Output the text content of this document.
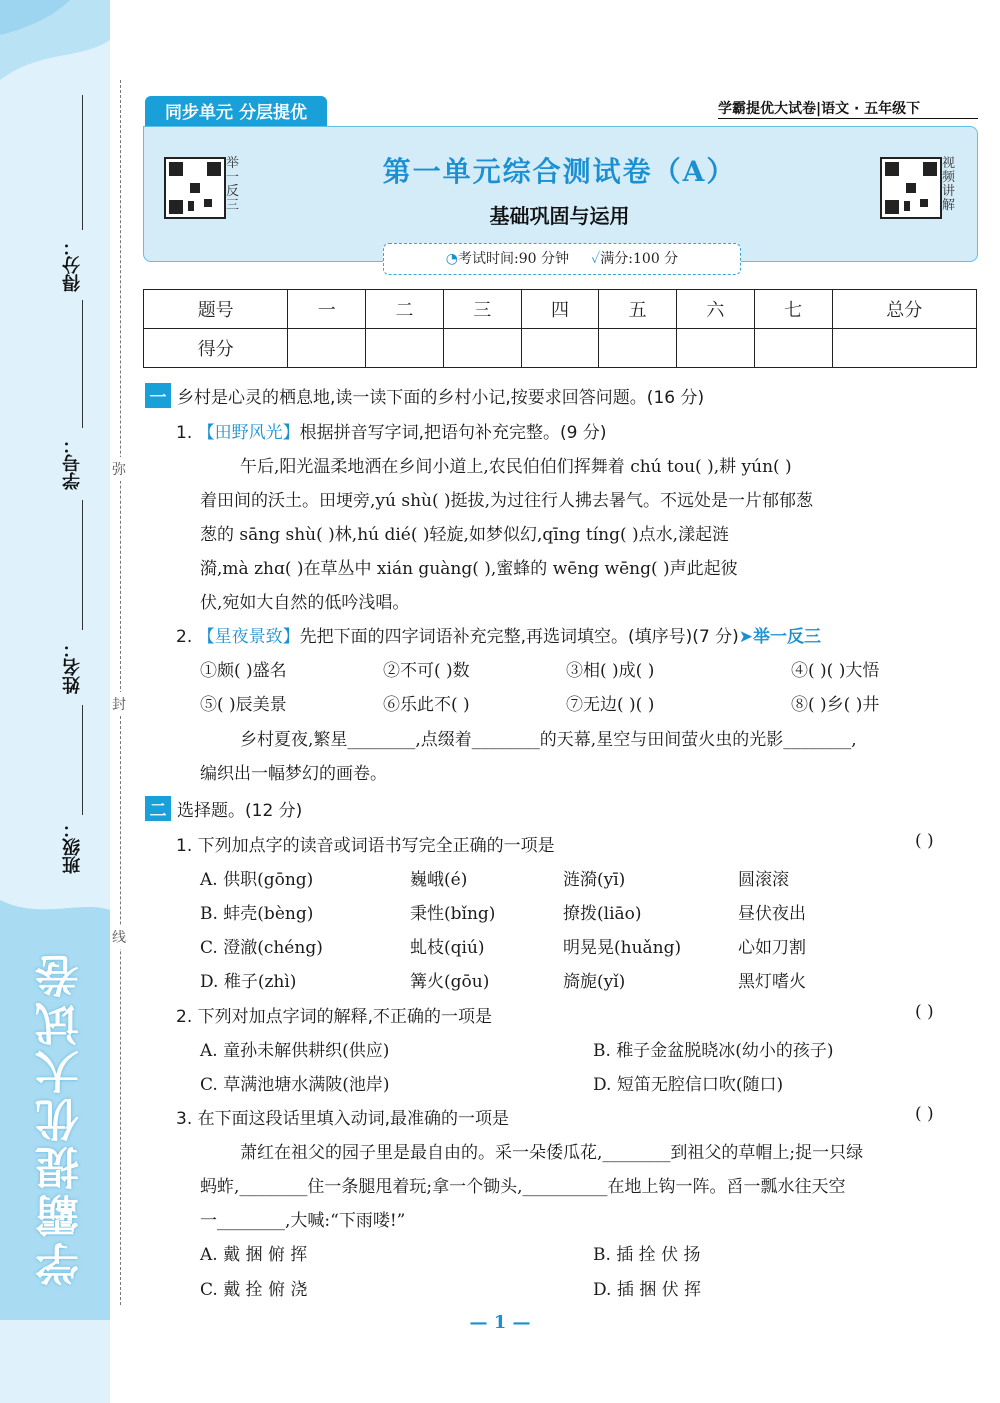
得分：
学号：
姓名：
班级：
学霸提优大试卷
弥
封
线
同步单元 分层提优	学霸提优大试卷|语文 · 五年级下
举一反三
视频讲解
第一单元综合测试卷（A）
基础巩固与运用
◔考试时间:90 分钟 ✓满分:100 分
题号	一	二	三	四	五	六	七	总分
得分								
一 乡村是心灵的栖息地,读一读下面的乡村小记,按要求回答问题。(16 分)
1. 【田野风光】根据拼音写字词,把语句补充完整。(9 分)
午后,阳光温柔地洒在乡间小道上,农民伯伯们挥舞着 chú tou( ),耕 yún( )
着田间的沃土。田埂旁,yú shù( )挺拔,为过往行人拂去暑气。不远处是一片郁郁葱
葱的 sāng shù( )林,hú dié( )轻旋,如梦似幻,qīng tíng( )点水,漾起涟
漪,mà zhɑ( )在草丛中 xián guàng( ),蜜蜂的 wēng wēng( )声此起彼
伏,宛如大自然的低吟浅唱。
2. 【星夜景致】先把下面的四字词语补充完整,再选词填空。(填序号)(7 分)➤举一反三
①颇( )盛名	②不可( )数	③相( )成( )	④( )( )大悟
⑤( )辰美景	⑥乐此不( )	⑦无边( )( )	⑧( )乡( )井
乡村夏夜,繁星________,点缀着________的天幕,星空与田间萤火虫的光影________,
编织出一幅梦幻的画卷。
二 选择题。(12 分)
1. 下列加点字的读音或词语书写完全正确的一项是	( )
A. 供职(gōng)	巍峨(é)	涟漪(yī)	圆滚滚
B. 蚌壳(bèng)	秉性(bǐng)	撩拨(liāo)	昼伏夜出
C. 澄澈(chéng)	虬枝(qiú)	明晃晃(huǎng)	心如刀割
D. 稚子(zhì)	篝火(gōu)	旖旎(yǐ)	黑灯嗜火
2. 下列对加点字词的解释,不正确的一项是	( )
A. 童孙未解供耕织(供应)	B. 稚子金盆脱晓冰(幼小的孩子)
C. 草满池塘水满陂(池岸)	D. 短笛无腔信口吹(随口)
3. 在下面这段话里填入动词,最准确的一项是	( )
萧红在祖父的园子里是最自由的。采一朵倭瓜花,________到祖父的草帽上;捉一只绿
蚂蚱,________住一条腿甩着玩;拿一个锄头,__________在地上钩一阵。舀一瓢水往天空
一________,大喊:“下雨喽!”
A. 戴 捆 俯 挥	B. 插 拴 伏 扬
C. 戴 拴 俯 浇	D. 插 捆 伏 挥
— 1 —
